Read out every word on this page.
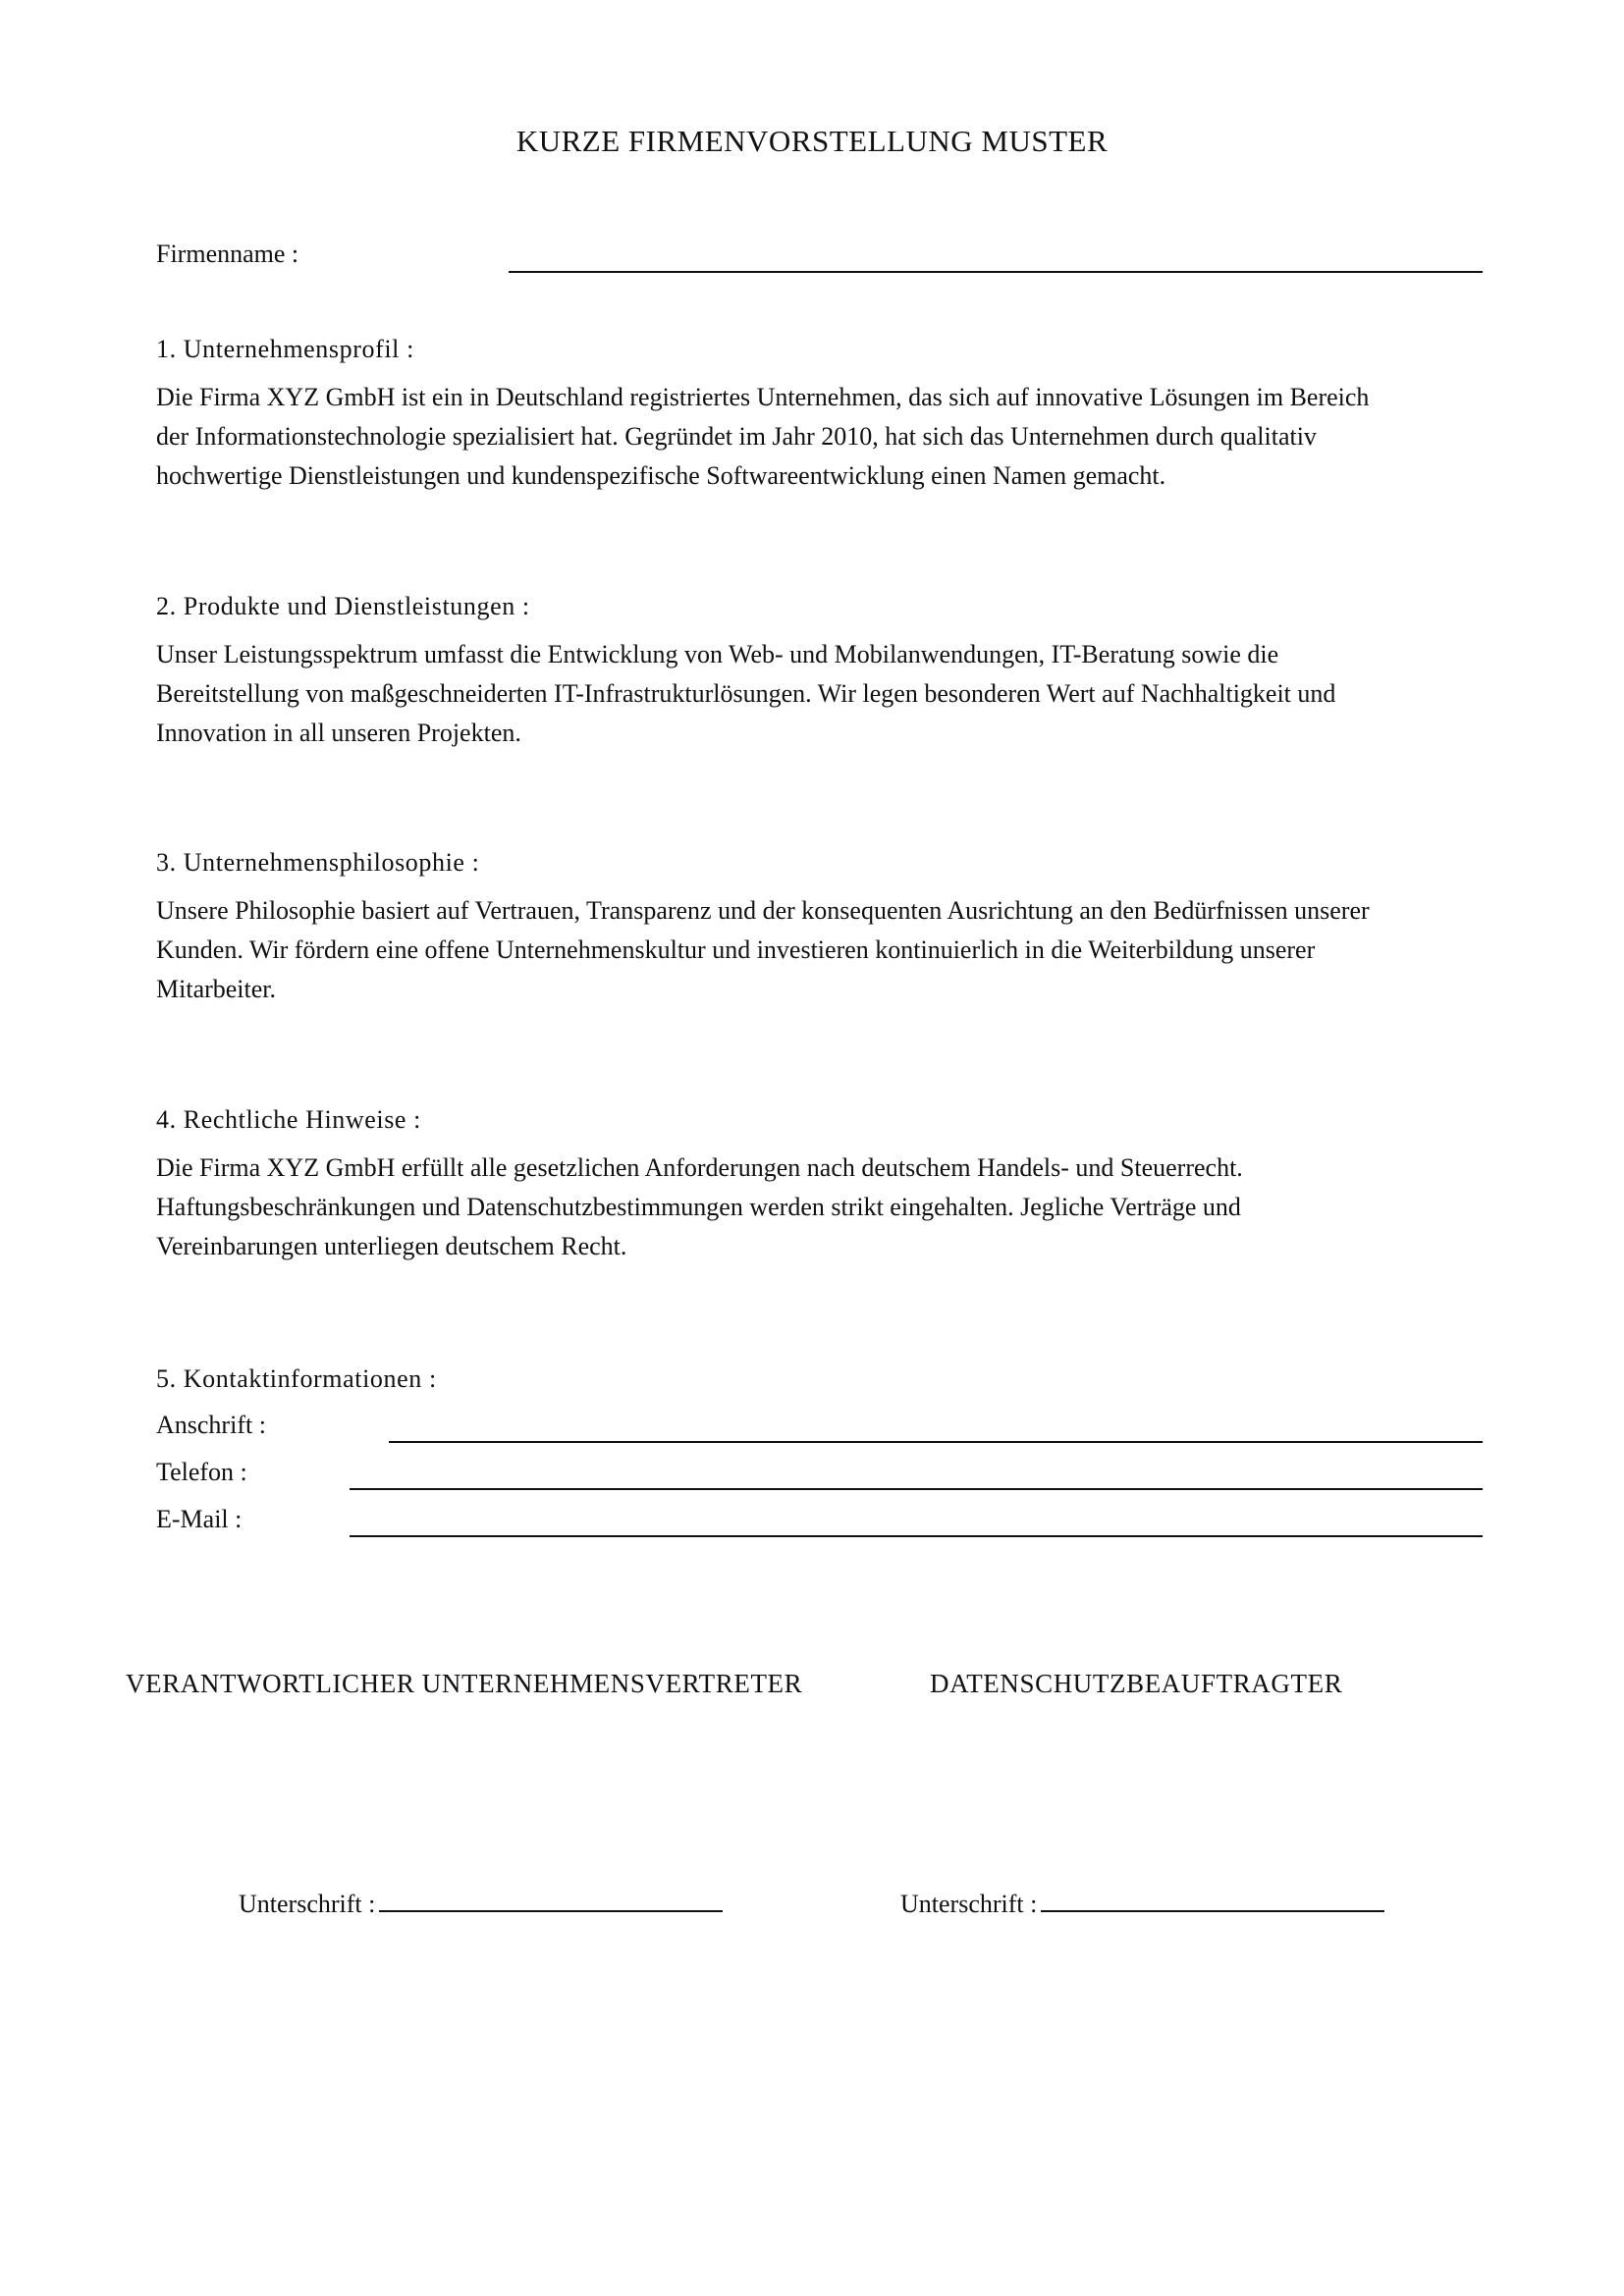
KURZE FIRMENVORSTELLUNG MUSTER
Firmenname :
1. Unternehmensprofil :
Die Firma XYZ GmbH ist ein in Deutschland registriertes Unternehmen, das sich auf innovative Lösungen im Bereich
der Informationstechnologie spezialisiert hat. Gegründet im Jahr 2010, hat sich das Unternehmen durch qualitativ
hochwertige Dienstleistungen und kundenspezifische Softwareentwicklung einen Namen gemacht.
2. Produkte und Dienstleistungen :
Unser Leistungsspektrum umfasst die Entwicklung von Web- und Mobilanwendungen, IT-Beratung sowie die
Bereitstellung von maßgeschneiderten IT-Infrastrukturlösungen. Wir legen besonderen Wert auf Nachhaltigkeit und
Innovation in all unseren Projekten.
3. Unternehmensphilosophie :
Unsere Philosophie basiert auf Vertrauen, Transparenz und der konsequenten Ausrichtung an den Bedürfnissen unserer
Kunden. Wir fördern eine offene Unternehmenskultur und investieren kontinuierlich in die Weiterbildung unserer
Mitarbeiter.
4. Rechtliche Hinweise :
Die Firma XYZ GmbH erfüllt alle gesetzlichen Anforderungen nach deutschem Handels- und Steuerrecht.
Haftungsbeschränkungen und Datenschutzbestimmungen werden strikt eingehalten. Jegliche Verträge und
Vereinbarungen unterliegen deutschem Recht.
5. Kontaktinformationen :
Anschrift :
Telefon :
E-Mail :
VERANTWORTLICHER UNTERNEHMENSVERTRETER	DATENSCHUTZBEAUFTRAGTER
Unterschrift :	Unterschrift :
